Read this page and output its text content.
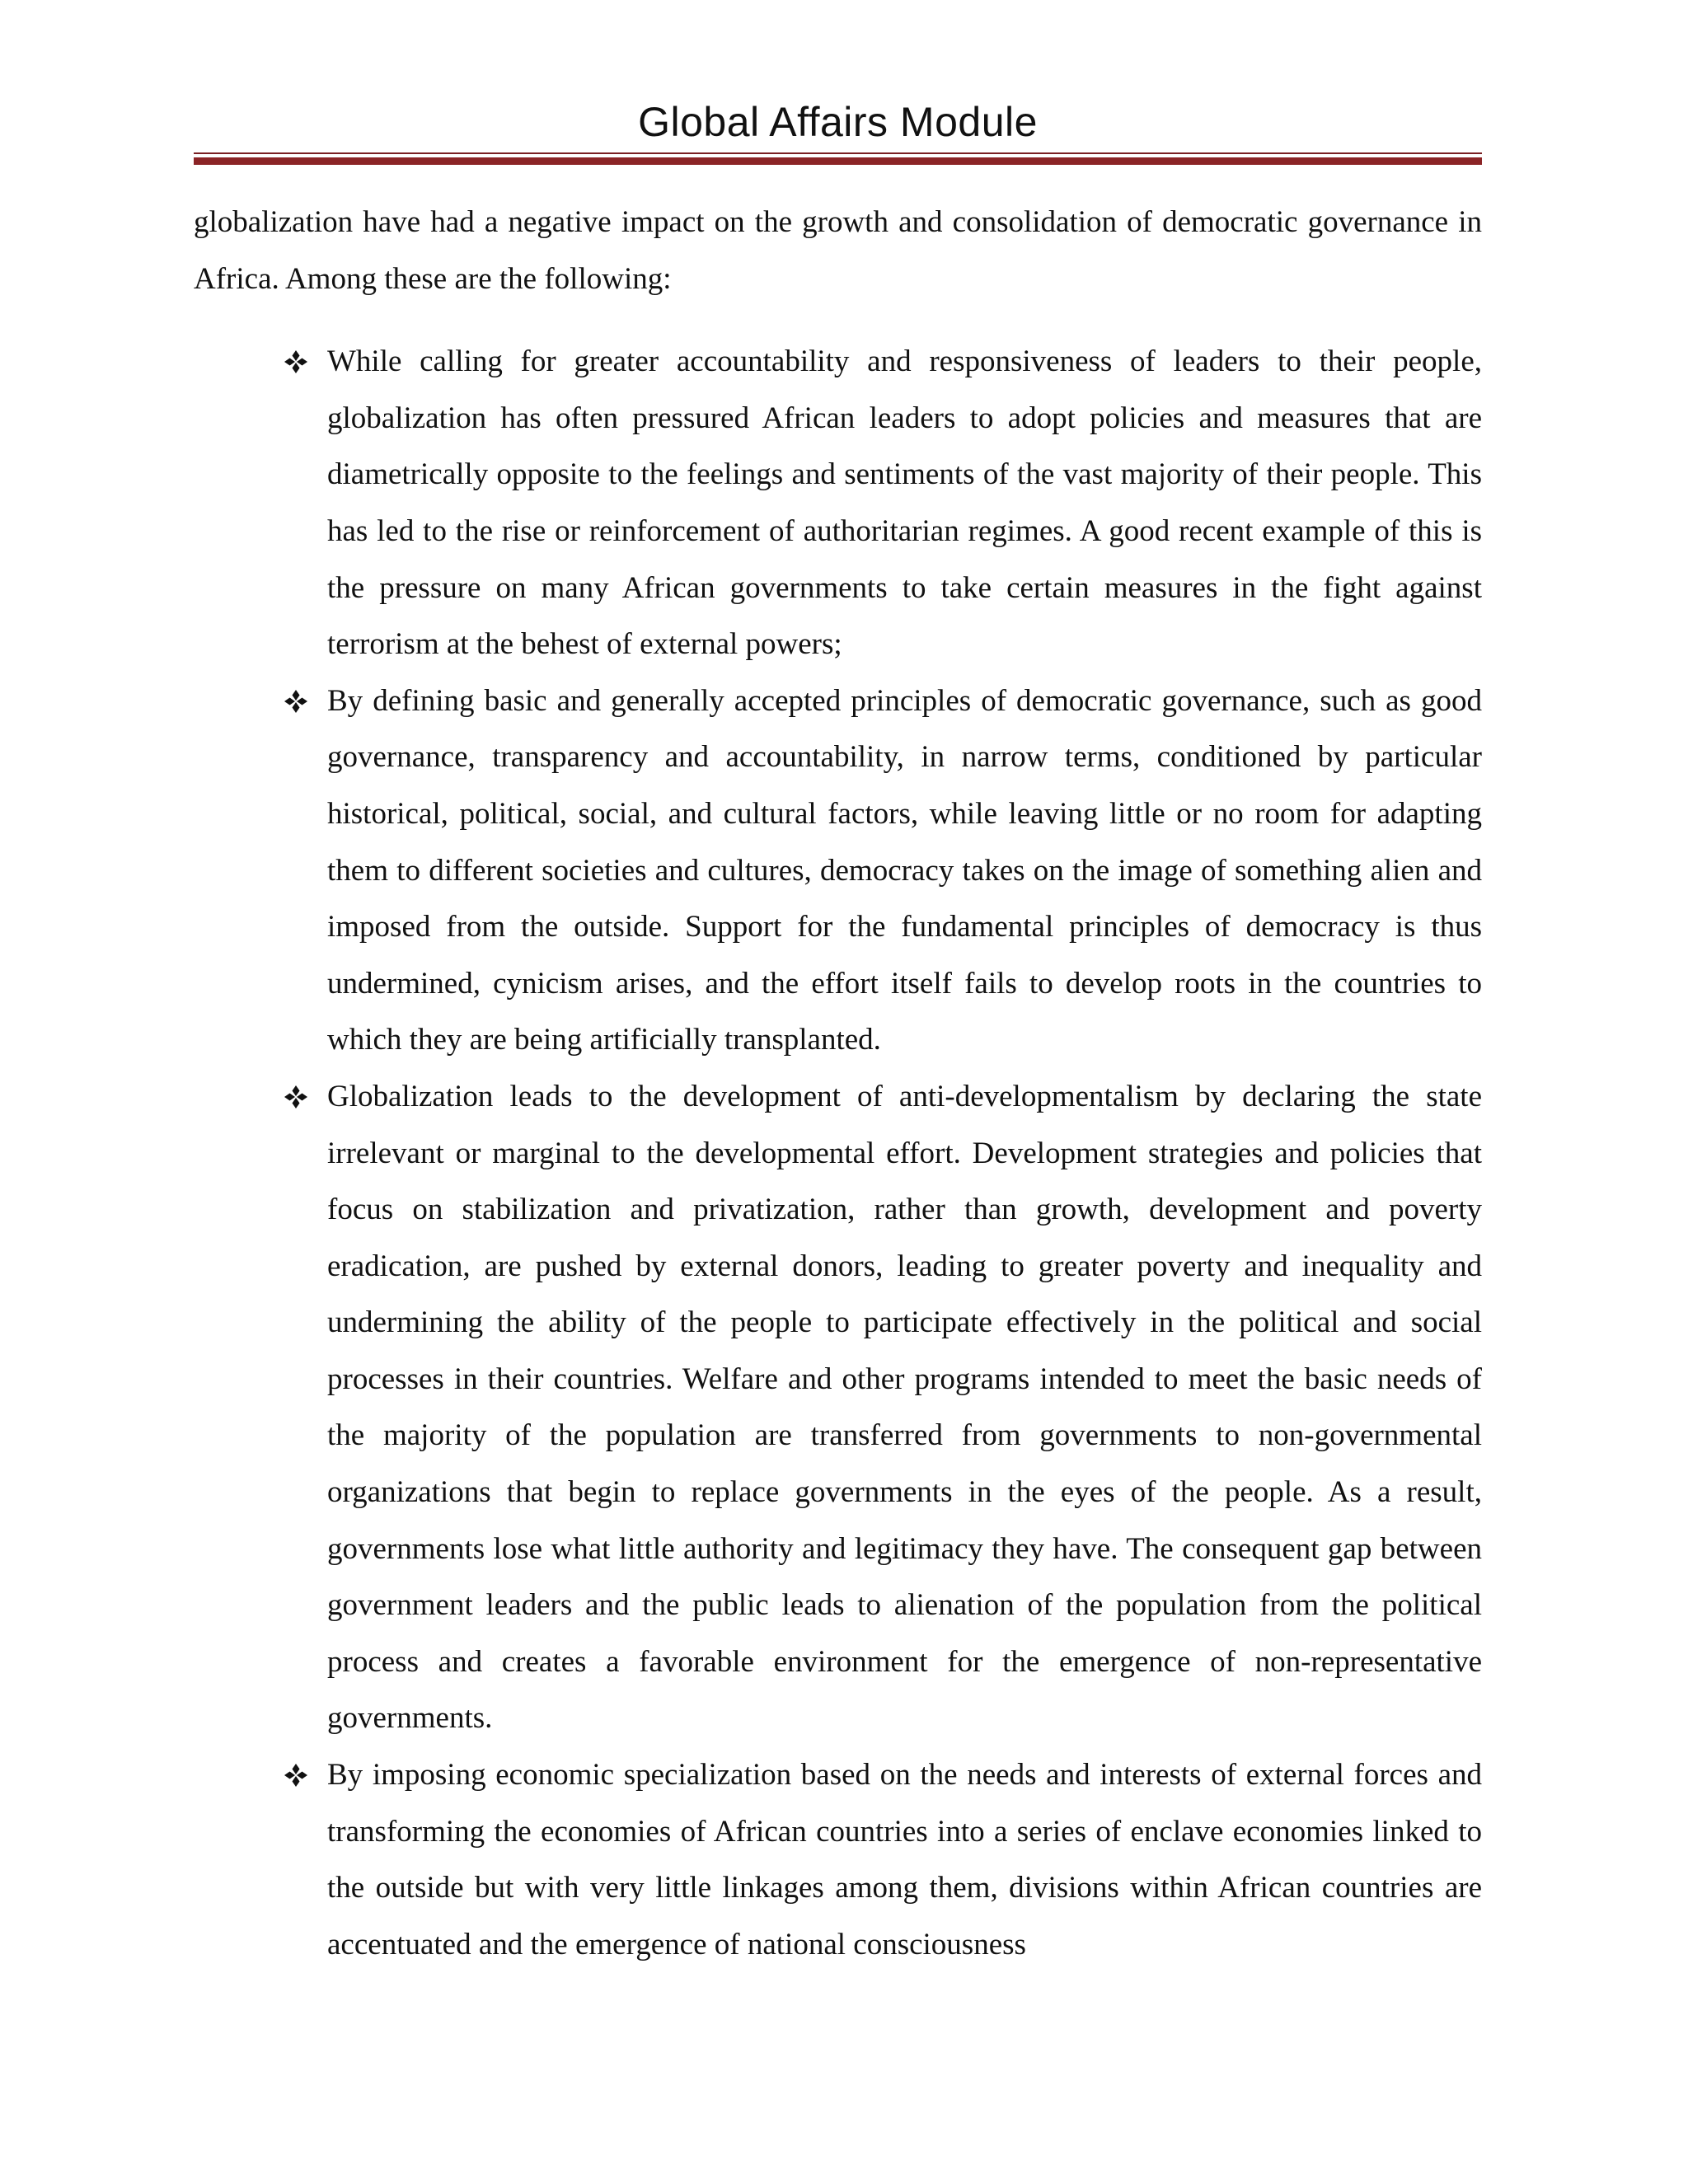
Global Affairs Module

globalization have had a negative impact on the growth and consolidation of democratic governance in Africa. Among these are the following:

While calling for greater accountability and responsiveness of leaders to their people, globalization has often pressured African leaders to adopt policies and measures that are diametrically opposite to the feelings and sentiments of the vast majority of their people. This has led to the rise or reinforcement of authoritarian regimes. A good recent example of this is the pressure on many African governments to take certain measures in the fight against terrorism at the behest of external powers;
By defining basic and generally accepted principles of democratic governance, such as good governance, transparency and accountability, in narrow terms, conditioned by particular historical, political, social, and cultural factors, while leaving little or no room for adapting them to different societies and cultures, democracy takes on the image of something alien and imposed from the outside. Support for the fundamental principles of democracy is thus undermined, cynicism arises, and the effort itself fails to develop roots in the countries to which they are being artificially transplanted.
Globalization leads to the development of anti-developmentalism by declaring the state irrelevant or marginal to the developmental effort. Development strategies and policies that focus on stabilization and privatization, rather than growth, development and poverty eradication, are pushed by external donors, leading to greater poverty and inequality and undermining the ability of the people to participate effectively in the political and social processes in their countries. Welfare and other programs intended to meet the basic needs of the majority of the population are transferred from governments to non-governmental organizations that begin to replace governments in the eyes of the people. As a result, governments lose what little authority and legitimacy they have. The consequent gap between government leaders and the public leads to alienation of the population from the political process and creates a favorable environment for the emergence of non-representative governments.
By imposing economic specialization based on the needs and interests of external forces and transforming the economies of African countries into a series of enclave economies linked to the outside but with very little linkages among them, divisions within African countries are accentuated and the emergence of national consciousness
